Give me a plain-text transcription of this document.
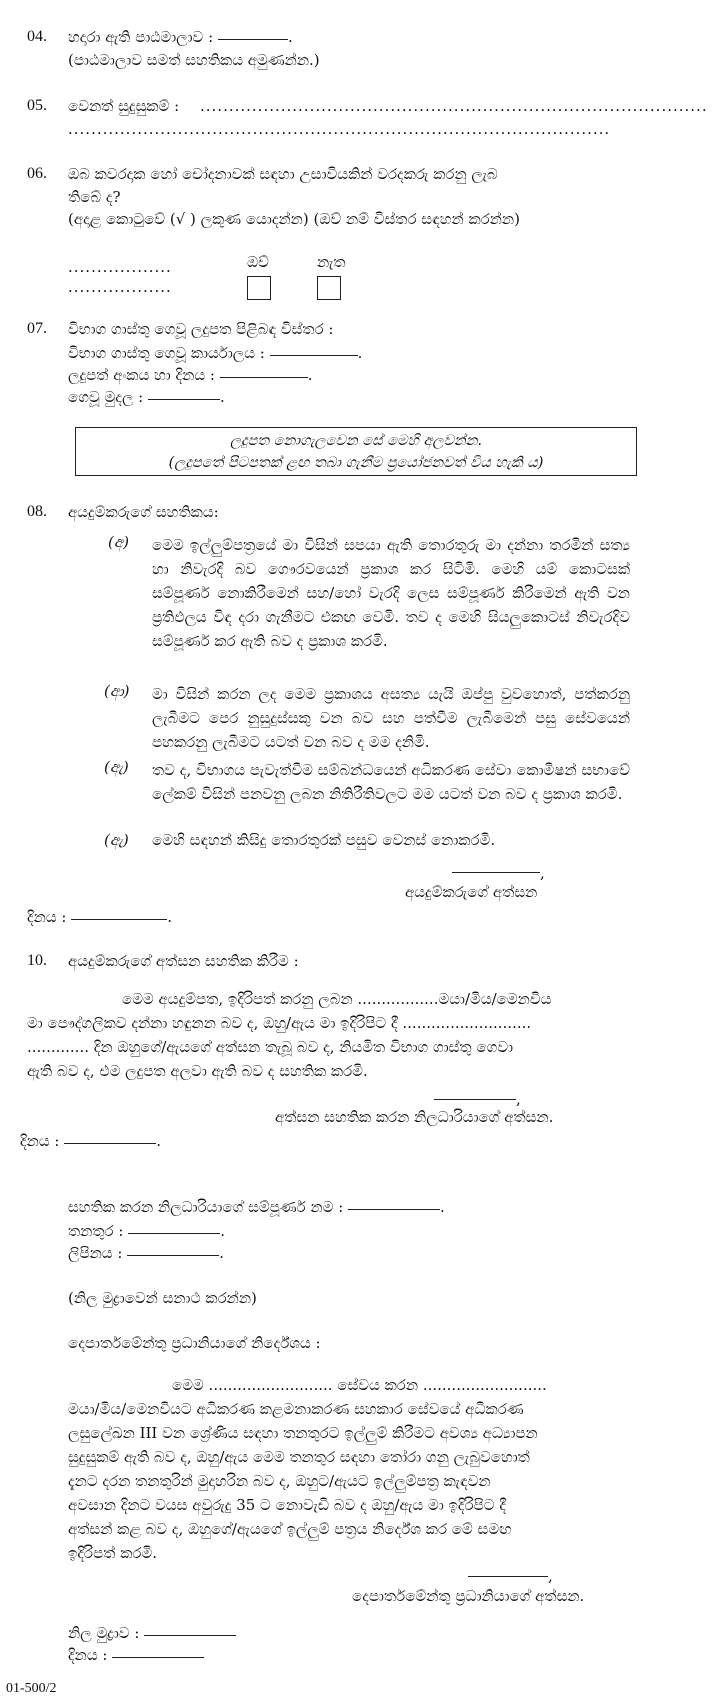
04. හදාරා ඇති පාඨමාලාව :	.
(පාඨමාලාව සමත් සහතිකය අමුණන්න.)
05. වෙනත් සුදුසුකම් : ........................................................................................
..............................................................................................
06. ඔබ කවරදාක හෝ චෝදනාවක් සඳහා උසාවියකින් වරදකරු කරනු ලැබ
තිබේ ද?
(අදාළ කොටුවේ (√ ) ලකුණ යොදන්න) (ඔව් නම් විස්තර සඳහන් කරන්න)
..................
..................
ඔව්	නැත
07. විභාග ගාස්තු ගෙවූ ලදුපත පිළිබඳ විස්තර :
විභාග ගාස්තු ගෙවූ කාර්යාලය :	.
ලදුපත් අංකය හා දිනය :	.
ගෙවූ මුදල :	.
ලදුපත නොගැලවෙන සේ මෙහි අලවන්න.
(ලදුපතේ පිටපතක් ළඟ තබා ගැනීම ප්‍රයෝජනවත් විය හැකි ය)
08. අයදුම්කරුගේ සහතිකය:
(අ) මෙම ඉල්ලුම්පත්‍රයේ මා විසින් සපයා ඇති තොරතුරු මා දන්නා තරමින් සත්‍ය හා නිවැරදි බව ගෞරවයෙන් ප්‍රකාශ කර සිටිමි. මෙහි යම් කොටසක් සම්පූර්ණ නොකිරීමෙන් සහ/හෝ වැරදි ලෙස සම්පූර්ණ කිරීමෙන් ඇති වන ප්‍රතිඵලය විඳ දරා ගැනීමට එකඟ වෙමි. තව ද මෙහි සියලුකොටස් නිවැරදිව සම්පූර්ණ කර ඇති බව ද ප්‍රකාශ කරමි.
(ආ) මා විසින් කරන ලද මෙම ප්‍රකාශය අසත්‍ය යැයි ඔප්පු වුවහොත්, පත්කරනු ලැබීමට පෙර නුසුදුස්සකු වන බව සහ පත්වීම ලැබීමෙන් පසු සේවයෙන් පහකරනු ලැබීමට යටත් වන බව ද මම දනිමි.
(ඇ) තව ද, විභාගය පැවැත්වීම සම්බන්ධයෙන් අධිකරණ සේවා කොමිෂන් සභාවේ ලේකම් විසින් පනවනු ලබන නිතිරීතිවලට මම යටත් වන බව ද ප්‍රකාශ කරමි.
(ඇ) මෙහි සඳහන් කිසිදු තොරතුරක් පසුව වෙනස් නොකරමි.
,
අයදුම්කරුගේ අත්සන
දිනය :	.
10. අයදුම්කරුගේ අත්සන සහතික කිරීම :
මෙම අයදුම්පත, ඉදිරිපත් කරනු ලබන .................මයා/මිය/මෙනවිය
මා පෞද්ගලිකව දන්නා හඳුනන බව ද, ඔහු/ඇය මා ඉදිරිපිට දී ...........................
............. දින ඔහුගේ/ඇයගේ අත්සන තැබූ බව ද, නියමිත විභාග ගාස්තු ගෙවා
ඇති බව ද, එම ලදුපත අලවා ඇති බව ද සහතික කරමි.
,
අත්සන සහතික කරන නිලධාරියාගේ අත්සන.
දිනය :	.
සහතික කරන නිලධාරියාගේ සම්පූර්ණ නම :	.
තනතුර :	.
ලිපිනය :	.
(නිල මුද්‍රාවෙන් සනාථ කරන්න)
දෙපාර්තමේන්තු ප්‍රධානියාගේ නිර්දේශය :
මෙම .......................... සේවය කරන ..........................
මයා/මිය/මෙනවියට අධිකරණ කළමනාකරණ සහකාර සේවයේ අධිකරණ
ලසුලේඛන III වන ශ්‍රේණිය සඳහා තනතුරට ඉල්ලුම් කිරීමට අවශ්‍ය අධ්‍යාපන
සුදුසුකම් ඇති බව ද, ඔහු/ඇය මෙම තනතුර සඳහා තෝරා ගනු ලැබුවහොත්
දැනට දරන තනතුරින් මුදාහරින බව ද, ඔහුට/ඇයට ඉල්ලුම්පත්‍ර කැඳවන
අවසාන දිනට වයස අවුරුදු 35 ට නොවැඩි බව ද ඔහු/ඇය මා ඉදිරිපිට දී
අත්සන් කළ බව ද, ඔහුගේ/ඇයගේ ඉල්ලුම් පත්‍රය නිර්දේශ කර මේ සමඟ
ඉදිරිපත් කරමි.
,
දෙපාර්තමේන්තු ප්‍රධානියාගේ අත්සන.
නිල මුද්‍රාව :
දිනය :
01-500/2
